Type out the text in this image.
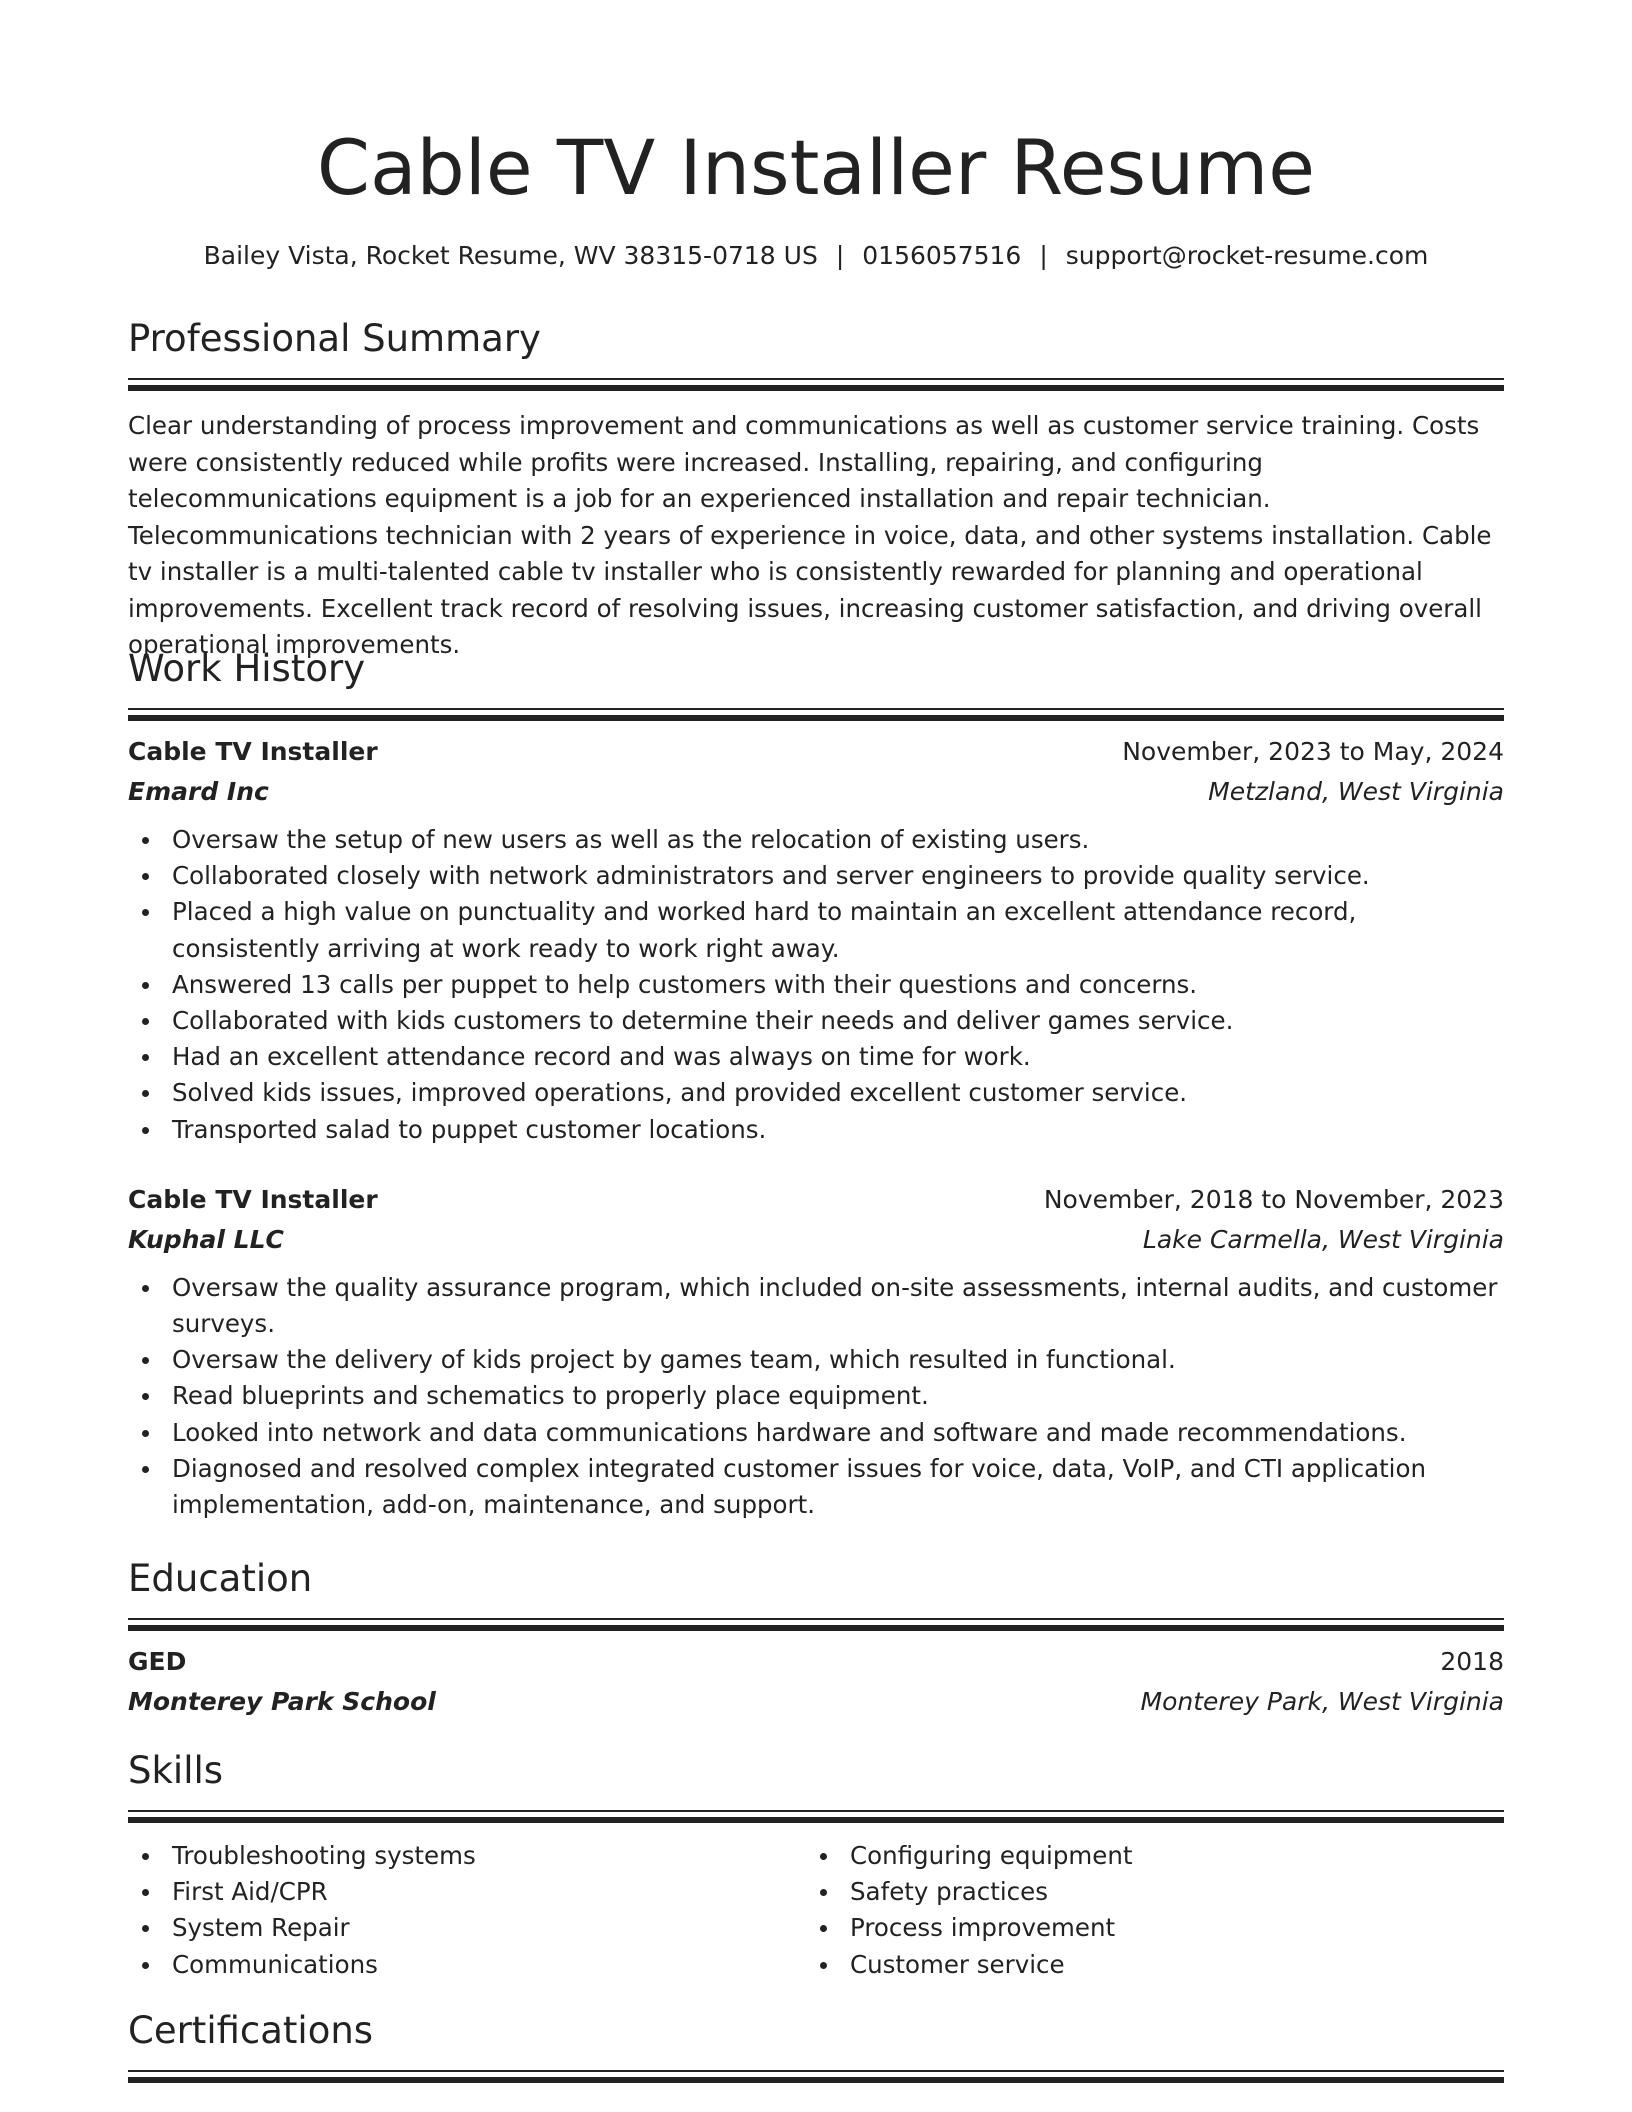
Cable TV Installer Resume
Bailey Vista, Rocket Resume, WV 38315-0718 US | 0156057516 | support@rocket-resume.com
Professional Summary

Clear understanding of process improvement and communications as well as customer service training. Costs were consistently reduced while profits were increased. Installing, repairing, and configuring telecommunications equipment is a job for an experienced installation and repair technician. Telecommunications technician with 2 years of experience in voice, data, and other systems installation. Cable tv installer is a multi-talented cable tv installer who is consistently rewarded for planning and operational improvements. Excellent track record of resolving issues, increasing customer satisfaction, and driving overall operational improvements.

Work History
Cable TV Installer	November, 2023 to May, 2024
Emard Inc	Metzland, West Virginia
Oversaw the setup of new users as well as the relocation of existing users.
Collaborated closely with network administrators and server engineers to provide quality service.
Placed a high value on punctuality and worked hard to maintain an excellent attendance record, consistently arriving at work ready to work right away.
Answered 13 calls per puppet to help customers with their questions and concerns.
Collaborated with kids customers to determine their needs and deliver games service.
Had an excellent attendance record and was always on time for work.
Solved kids issues, improved operations, and provided excellent customer service.
Transported salad to puppet customer locations.
Cable TV Installer	November, 2018 to November, 2023
Kuphal LLC	Lake Carmella, West Virginia
Oversaw the quality assurance program, which included on-site assessments, internal audits, and customer surveys.
Oversaw the delivery of kids project by games team, which resulted in functional.
Read blueprints and schematics to properly place equipment.
Looked into network and data communications hardware and software and made recommendations.
Diagnosed and resolved complex integrated customer issues for voice, data, VoIP, and CTI application implementation, add-on, maintenance, and support.
Education
GED	2018
Monterey Park School	Monterey Park, West Virginia
Skills
Troubleshooting systems
First Aid/CPR
System Repair
Communications
Configuring equipment
Safety practices
Process improvement
Customer service
Certifications
